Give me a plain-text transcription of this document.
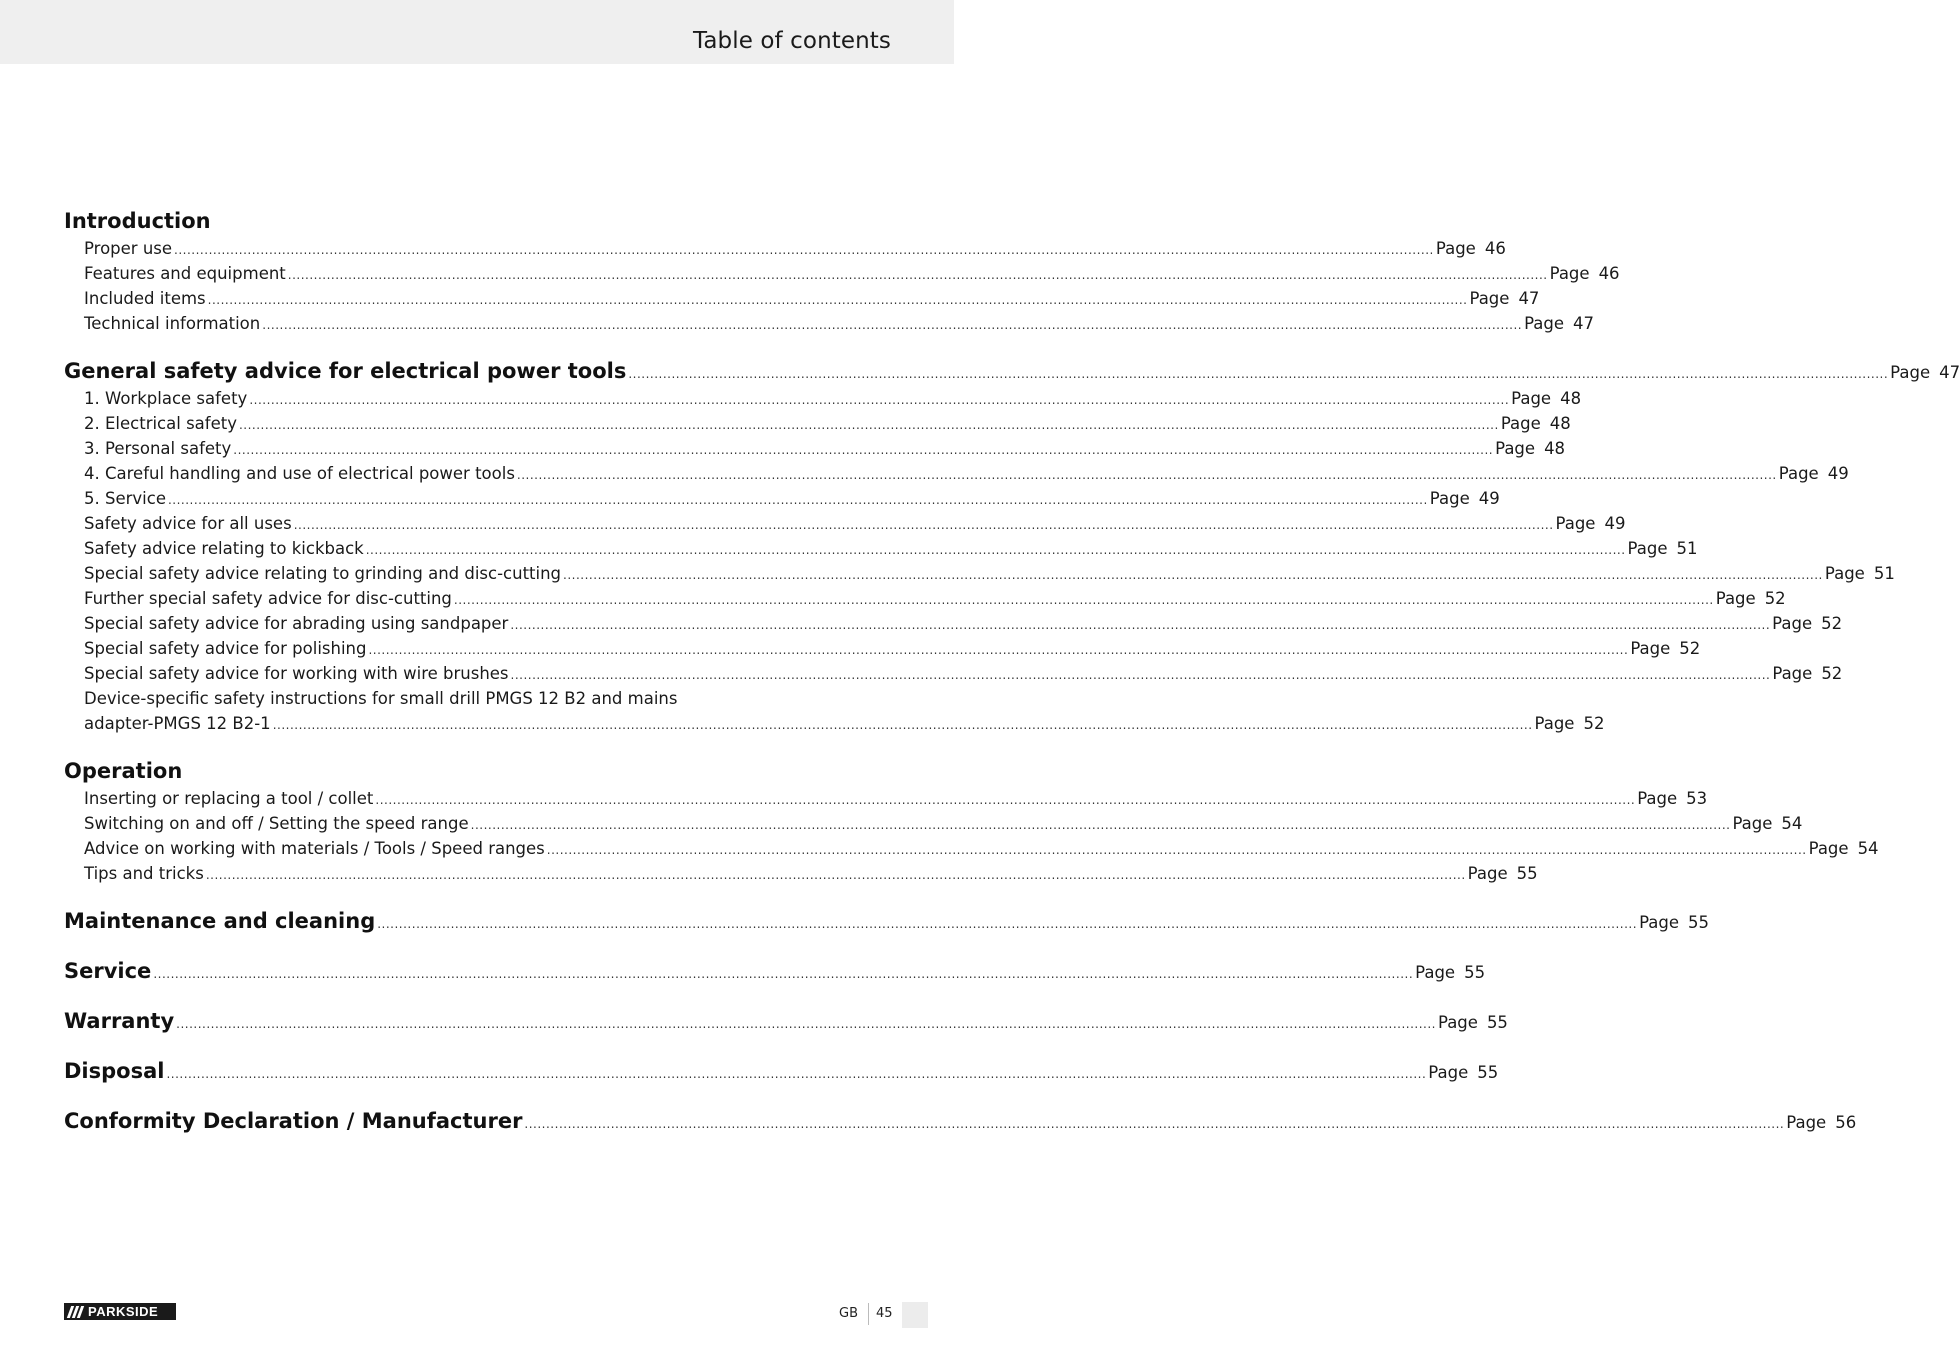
Table of contents
Introduction
Proper use .................................................................................................................................................................................................................................................................................................... Page 46
Features and equipment .................................................................................................................................................................................................................................................................................................... Page 46
Included items .................................................................................................................................................................................................................................................................................................... Page 47
Technical information .................................................................................................................................................................................................................................................................................................... Page 47
General safety advice for electrical power tools .................................................................................................................................................................................................................................................................................................... Page 47
1. Workplace safety .................................................................................................................................................................................................................................................................................................... Page 48
2. Electrical safety .................................................................................................................................................................................................................................................................................................... Page 48
3. Personal safety .................................................................................................................................................................................................................................................................................................... Page 48
4. Careful handling and use of electrical power tools .................................................................................................................................................................................................................................................................................................... Page 49
5. Service .................................................................................................................................................................................................................................................................................................... Page 49
Safety advice for all uses .................................................................................................................................................................................................................................................................................................... Page 49
Safety advice relating to kickback .................................................................................................................................................................................................................................................................................................... Page 51
Special safety advice relating to grinding and disc-cutting .................................................................................................................................................................................................................................................................................................... Page 51
Further special safety advice for disc-cutting .................................................................................................................................................................................................................................................................................................... Page 52
Special safety advice for abrading using sandpaper .................................................................................................................................................................................................................................................................................................... Page 52
Special safety advice for polishing .................................................................................................................................................................................................................................................................................................... Page 52
Special safety advice for working with wire brushes .................................................................................................................................................................................................................................................................................................... Page 52
Device-specific safety instructions for small drill PMGS 12 B2 and mains
adapter-PMGS 12 B2-1 .................................................................................................................................................................................................................................................................................................... Page 52
Operation
Inserting or replacing a tool / collet .................................................................................................................................................................................................................................................................................................... Page 53
Switching on and off / Setting the speed range .................................................................................................................................................................................................................................................................................................... Page 54
Advice on working with materials / Tools / Speed ranges .................................................................................................................................................................................................................................................................................................... Page 54
Tips and tricks .................................................................................................................................................................................................................................................................................................... Page 55
Maintenance and cleaning .................................................................................................................................................................................................................................................................................................... Page 55
Service .................................................................................................................................................................................................................................................................................................... Page 55
Warranty .................................................................................................................................................................................................................................................................................................... Page 55
Disposal .................................................................................................................................................................................................................................................................................................... Page 55
Conformity Declaration / Manufacturer .................................................................................................................................................................................................................................................................................................... Page 56
PARKSIDE	GB 45
